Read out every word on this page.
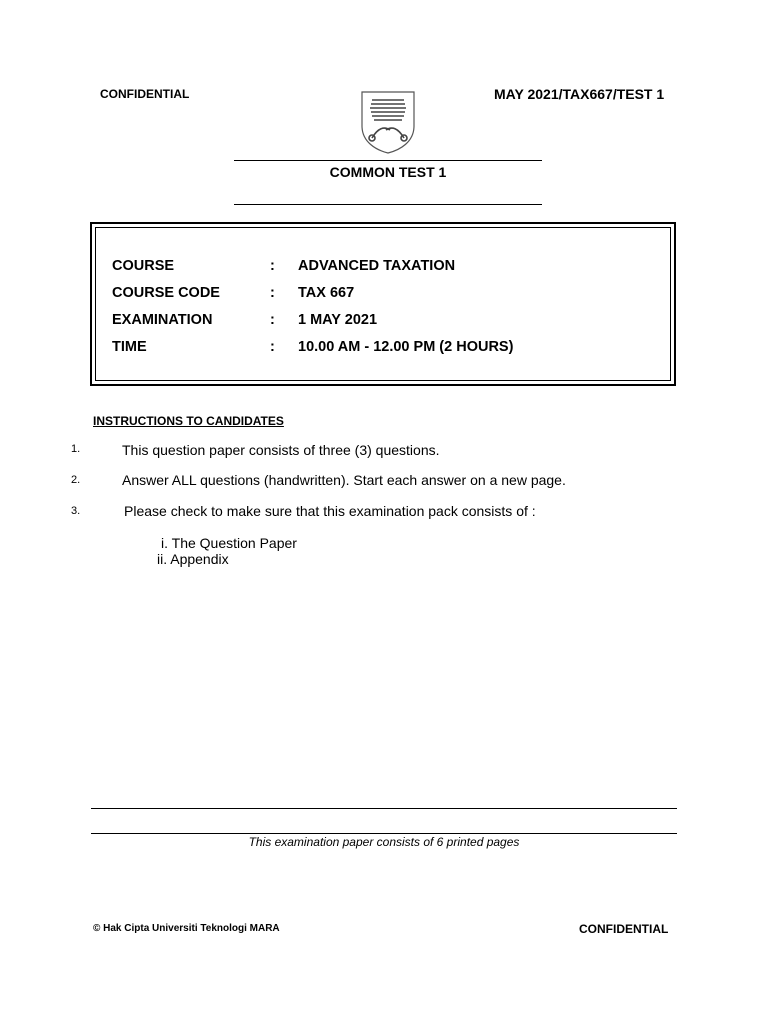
CONFIDENTIAL	MAY 2021/TAX667/TEST 1
COMMON TEST 1
COURSE	: ADVANCED TAXATION
COURSE CODE	: TAX 667
EXAMINATION	: 1 MAY 2021
TIME	: 10.00 AM - 12.00 PM (2 HOURS)
INSTRUCTIONS TO CANDIDATES
1.	This question paper consists of three (3) questions.
2.	Answer ALL questions (handwritten). Start each answer on a new page.
3.	Please check to make sure that this examination pack consists of :
i. The Question Paper
ii. Appendix
This examination paper consists of 6 printed pages
© Hak Cipta Universiti Teknologi MARA	CONFIDENTIAL
